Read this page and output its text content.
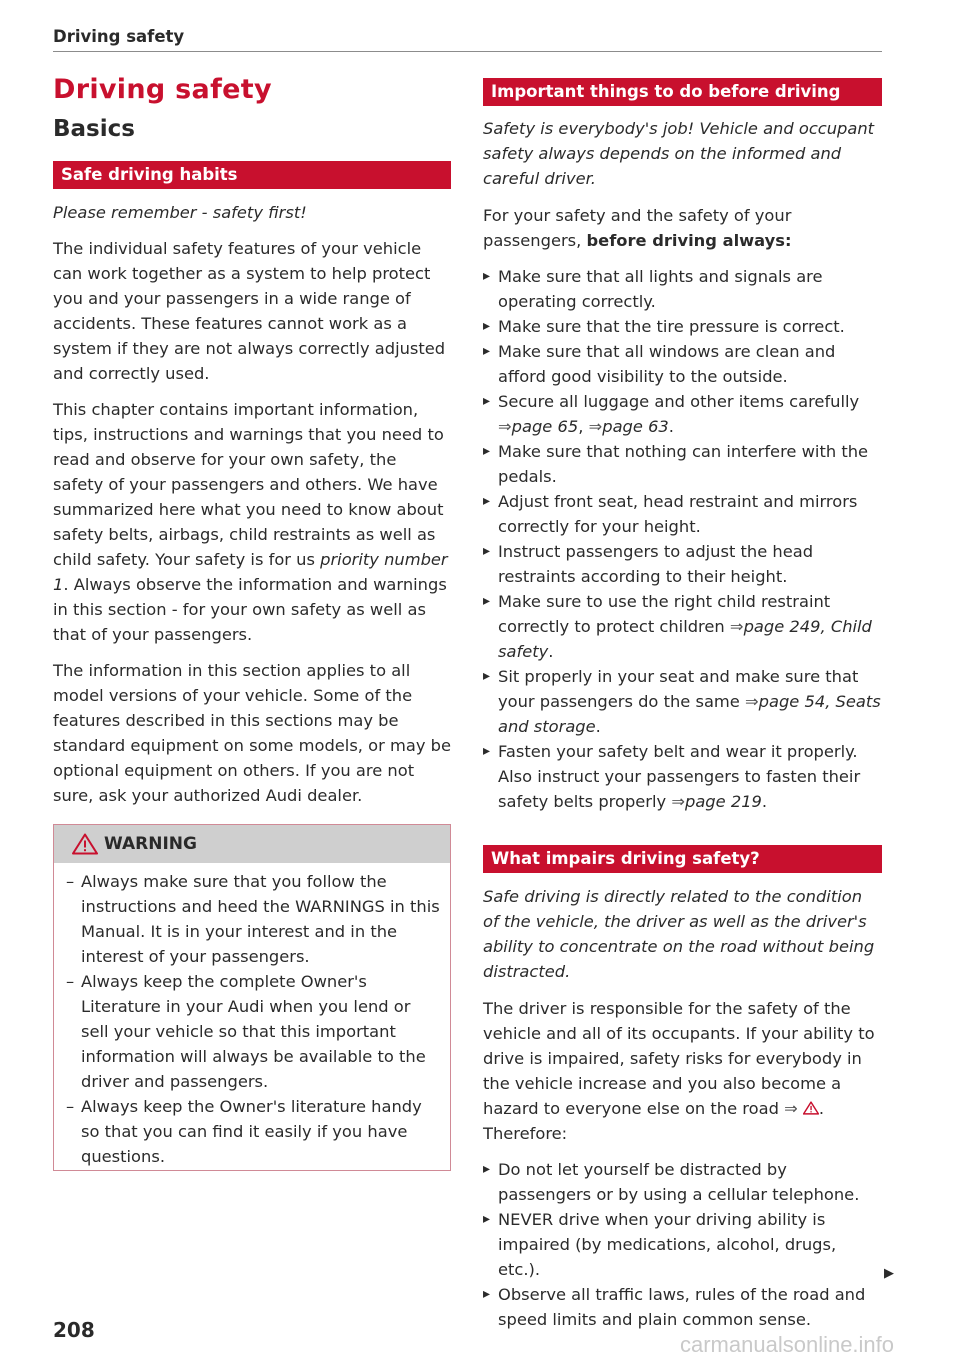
Driving safety
Driving safety
Basics
Safe driving habits

Please remember - safety first!

The individual safety features of your vehicle can work together as a system to help protect you and your passengers in a wide range of accidents. These features cannot work as a system if they are not always correctly adjusted and correctly used.

This chapter contains important information, tips, instructions and warnings that you need to read and observe for your own safety, the safety of your passengers and others. We have summarized here what you need to know about safety belts, airbags, child restraints as well as child safety. Your safety is for us priority number 1. Always observe the information and warnings in this section - for your own safety as well as that of your passengers.

The information in this section applies to all model versions of your vehicle. Some of the features described in this sections may be standard equipment on some models, or may be optional equipment on others. If you are not sure, ask your authorized Audi dealer.

WARNING
– Always make sure that you follow the instructions and heed the WARNINGS in this Manual. It is in your interest and in the interest of your passengers.
– Always keep the complete Owner's Literature in your Audi when you lend or sell your vehicle so that this important information will always be available to the driver and passengers.
– Always keep the Owner's literature handy so that you can find it easily if you have questions.
Important things to do before driving

Safety is everybody's job! Vehicle and occupant safety always depends on the informed and careful driver.

For your safety and the safety of your passengers, before driving always:

▸ Make sure that all lights and signals are operating correctly.
▸ Make sure that the tire pressure is correct.
▸ Make sure that all windows are clean and afford good visibility to the outside.
▸ Secure all luggage and other items carefully ⇒page 65, ⇒page 63.
▸ Make sure that nothing can interfere with the pedals.
▸ Adjust front seat, head restraint and mirrors correctly for your height.
▸ Instruct passengers to adjust the head restraints according to their height.
▸ Make sure to use the right child restraint correctly to protect children ⇒page 249, Child safety.
▸ Sit properly in your seat and make sure that your passengers do the same ⇒page 54, Seats and storage.
▸ Fasten your safety belt and wear it properly. Also instruct your passengers to fasten their safety belts properly ⇒page 219.
What impairs driving safety?

Safe driving is directly related to the condition of the vehicle, the driver as well as the driver's ability to concentrate on the road without being distracted.

The driver is responsible for the safety of the vehicle and all of its occupants. If your ability to drive is impaired, safety risks for everybody in the vehicle increase and you also become a hazard to everyone else on the road ⇒ . Therefore:

▸ Do not let yourself be distracted by passengers or by using a cellular telephone.
▸ NEVER drive when your driving ability is impaired (by medications, alcohol, drugs, etc.).
▸ Observe all traffic laws, rules of the road and speed limits and plain common sense.
▶
208
carmanualsonline.info
